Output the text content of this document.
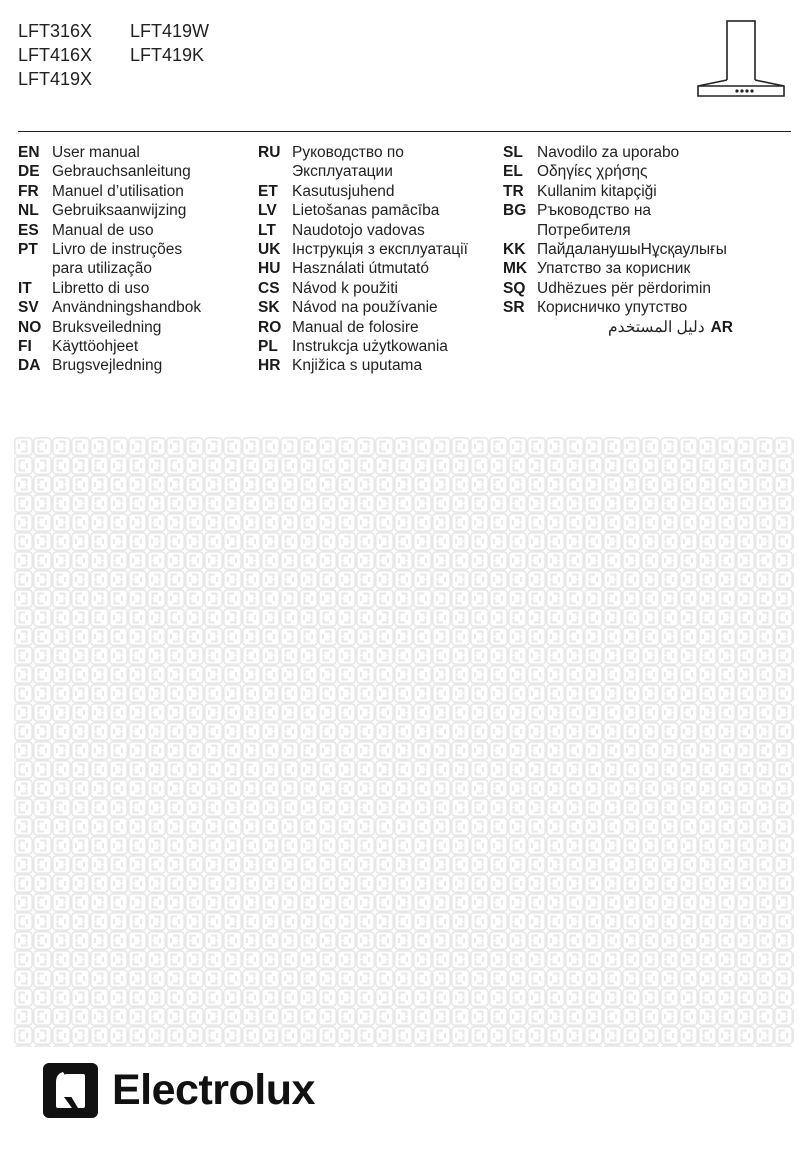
LFT316X	LFT419W
LFT416X	LFT419K
LFT419X
EN User manual
DE Gebrauchsanleitung
FR Manuel d’utilisation
NL Gebruiksaanwijzing
ES Manual de uso
PT Livro de instruções
para utilização
IT	Libretto di uso
SV Användningshandbok
NO Bruksveiledning
FI	Käyttöohjeet
DA Brugsvejledning
RU Руководство по
Эксплуатации
ET Kasutusjuhend
LV Lietošanas pamācība
LT	Naudotojo vadovas
UK Інструкція з експлуатації
HU Használati útmutató
CS Návod k použiti
SK Návod na používanie
RO Manual de folosire
PL Instrukcja użytkowania
HR Knjižica s uputama
SL Navodilo za uporabo
EL Οδηγίες χρήσης
TR Kullanim kitapçiği
BG Ръководство на
Потребителя
KK ПайдаланушыНұсқаулығы
MK Упатство за корисник
SQ Udhëzues për përdorimin
SR Корисничко упутство
دليل المستخدم AR
Electrolux
